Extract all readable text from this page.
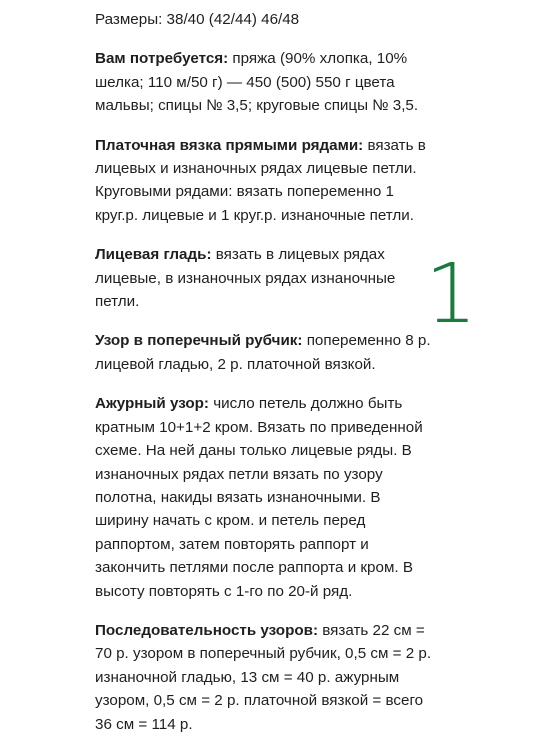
Размеры: 38/40 (42/44) 46/48

Вам потребуется: пряжа (90% хлопка, 10%
шелка; 110 м/50 г) — 450 (500) 550 г цвета
мальвы; спицы № 3,5; круговые спицы № 3,5.

Платочная вязка прямыми рядами: вязать в
лицевых и изнаночных рядах лицевые петли.
Круговыми рядами: вязать попеременно 1
круг.р. лицевые и 1 круг.р. изнаночные петли.

Лицевая гладь: вязать в лицевых рядах
лицевые, в изнаночных рядах изнаночные
петли.

Узор в поперечный рубчик: попеременно 8 р.
лицевой гладью, 2 р. платочной вязкой.

Ажурный узор: число петель должно быть
кратным 10+1+2 кром. Вязать по приведенной
схеме. На ней даны только лицевые ряды. В
изнаночных рядах петли вязать по узору
полотна, накиды вязать изнаночными. В
ширину начать с кром. и петель перед
раппортом, затем повторять раппорт и
закончить петлями после раппорта и кром. В
высоту повторять с 1-го по 20-й ряд.

Последовательность узоров: вязать 22 см =
70 р. узором в поперечный рубчик, 0,5 см = 2 р.
изнаночной гладью, 13 см = 40 р. ажурным
узором, 0,5 см = 2 р. платочной вязкой = всего
36 см = 114 р.

1
